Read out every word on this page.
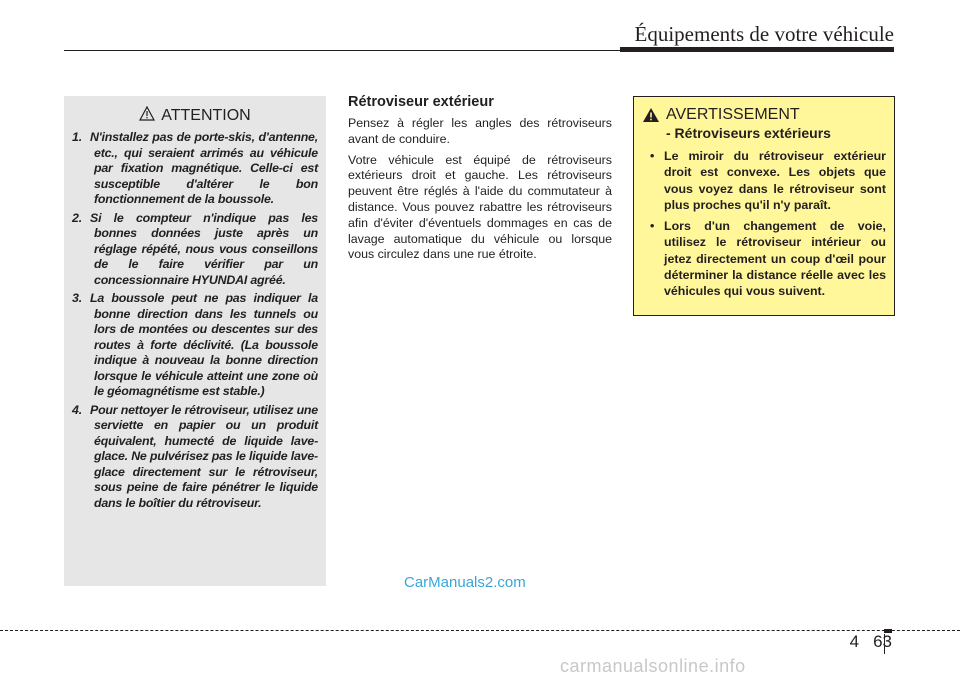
Équipements de votre véhicule
ATTENTION
1. N'installez pas de porte-skis, d'antenne, etc., qui seraient arrimés au véhicule par fixation magnétique. Celle-ci est susceptible d'altérer le bon fonctionnement de la boussole.
2. Si le compteur n'indique pas les bonnes données juste après un réglage répété, nous vous conseillons de le faire vérifier par un concessionnaire HYUNDAI agréé.
3. La boussole peut ne pas indiquer la bonne direction dans les tunnels ou lors de montées ou descentes sur des routes à forte déclivité. (La boussole indique à nouveau la bonne direction lorsque le véhicule atteint une zone où le géomagnétisme est stable.)
4. Pour nettoyer le rétroviseur, utilisez une serviette en papier ou un produit équivalent, humecté de liquide lave-glace. Ne pulvérisez pas le liquide lave-glace directement sur le rétroviseur, sous peine de faire pénétrer le liquide dans le boîtier du rétroviseur.
Rétroviseur extérieur

Pensez à régler les angles des rétroviseurs avant de conduire.

Votre véhicule est équipé de rétroviseurs extérieurs droit et gauche. Les rétroviseurs peuvent être réglés à l'aide du commutateur à distance. Vous pouvez rabattre les rétroviseurs afin d'éviter d'éventuels dommages en cas de lavage automatique du véhicule ou lorsque vous circulez dans une rue étroite.

AVERTISSEMENT
- Rétroviseurs extérieurs
• Le miroir du rétroviseur extérieur droit est convexe. Les objets que vous voyez dans le rétroviseur sont plus proches qu'il n'y paraît.
• Lors d'un changement de voie, utilisez le rétroviseur intérieur ou jetez directement un coup d'œil pour déterminer la distance réelle avec les véhicules qui vous suivent.
CarManuals2.com
4 63
carmanualsonline.info
